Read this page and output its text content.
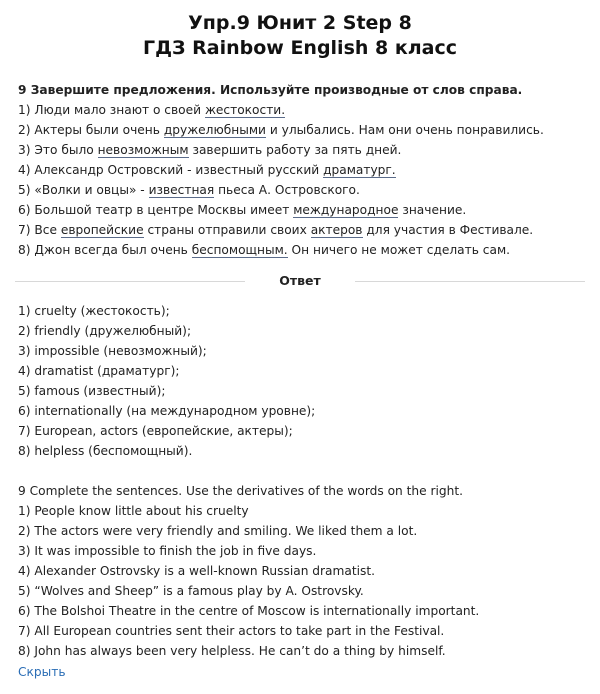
Упр.9 Юнит 2 Step 8
ГДЗ Rainbow English 8 класс
9 Завершите предложения. Используйте производные от слов справа.
1) Люди мало знают о своей жестокости.
2) Актеры были очень дружелюбными и улыбались. Нам они очень понравились.
3) Это было невозможным завершить работу за пять дней.
4) Александр Островский - известный русский драматург.
5) «Волки и овцы» - известная пьеса А. Островского.
6) Большой театр в центре Москвы имеет международное значение.
7) Все европейские страны отправили своих актеров для участия в Фестивале.
8) Джон всегда был очень беспомощным. Он ничего не может сделать сам.
Ответ
1) cruelty (жестокость);
2) friendly (дружелюбный);
3) impossible (невозможный);
4) dramatist (драматург);
5) famous (известный);
6) internationally (на международном уровне);
7) European, actors (европейские, актеры);
8) helpless (беспомощный).
9 Complete the sentences. Use the derivatives of the words on the right.
1) People know little about his cruelty
2) The actors were very friendly and smiling. We liked them a lot.
3) It was impossible to finish the job in five days.
4) Alexander Ostrovsky is a well-known Russian dramatist.
5) “Wolves and Sheep” is a famous play by A. Ostrovsky.
6) The Bolshoi Theatre in the centre of Moscow is internationally important.
7) All European countries sent their actors to take part in the Festival.
8) John has always been very helpless. He can’t do a thing by himself.
Скрыть
